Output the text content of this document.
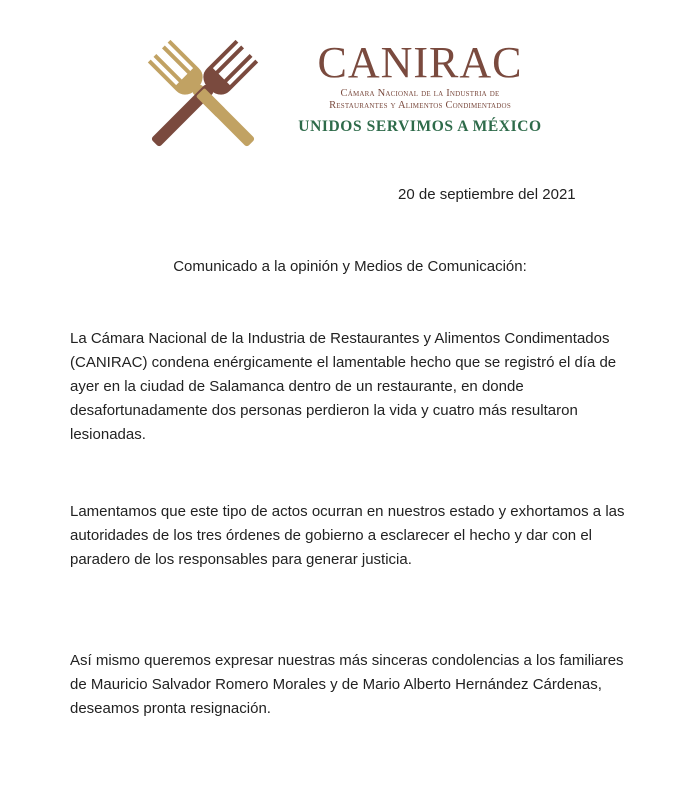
CANIRAC
Cámara Nacional de la Industria de
Restaurantes y Alimentos Condimentados
UNIDOS SERVIMOS A MÉXICO
20 de septiembre del 2021
Comunicado a la opinión y Medios de Comunicación:

La Cámara Nacional de la Industria de Restaurantes y Alimentos Condimentados (CANIRAC) condena enérgicamente el lamentable hecho que se registró el día de ayer en la ciudad de Salamanca dentro de un restaurante, en donde desafortunadamente dos personas perdieron la vida y cuatro más resultaron lesionadas.

Lamentamos que este tipo de actos ocurran en nuestros estado y exhortamos a las autoridades de los tres órdenes de gobierno a esclarecer el hecho y dar con el paradero de los responsables para generar justicia.

Así mismo queremos expresar nuestras más sinceras condolencias a los familiares de Mauricio Salvador Romero Morales y de Mario Alberto Hernández Cárdenas, deseamos pronta resignación.
